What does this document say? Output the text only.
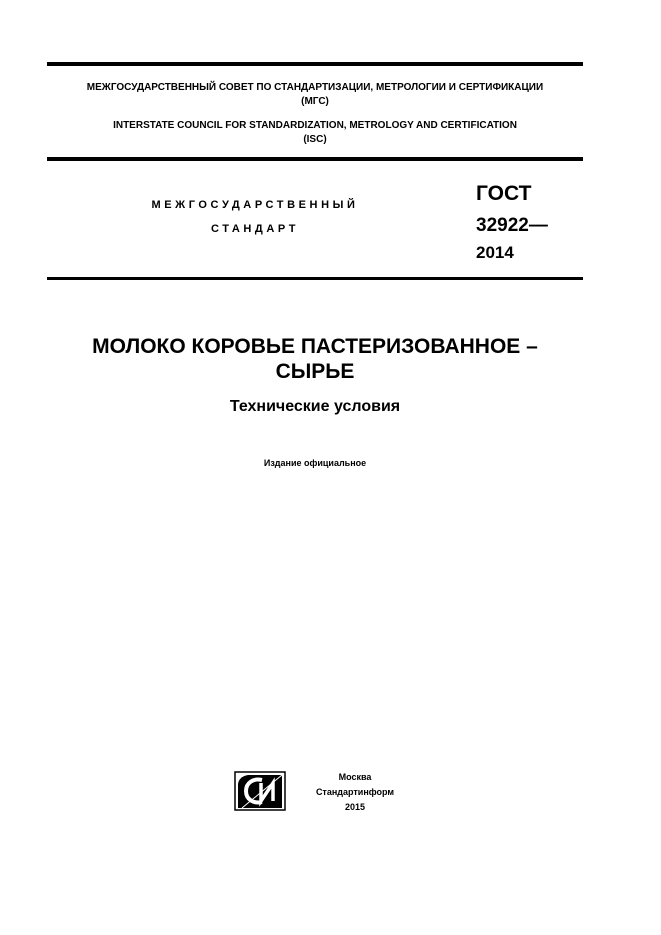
МЕЖГОСУДАРСТВЕННЫЙ СОВЕТ ПО СТАНДАРТИЗАЦИИ, МЕТРОЛОГИИ И СЕРТИФИКАЦИИ
(МГС)
INTERSTATE COUNCIL FOR STANDARDIZATION, METROLOGY AND CERTIFICATION
(ISC)
МЕЖГОСУДАРСТВЕННЫЙ
СТАНДАРТ
ГОСТ
32922—
2014
МОЛОКО КОРОВЬЕ ПАСТЕРИЗОВАННОЕ –
СЫРЬЕ
Технические условия
Издание официальное
Москва
Стандартинформ
2015
